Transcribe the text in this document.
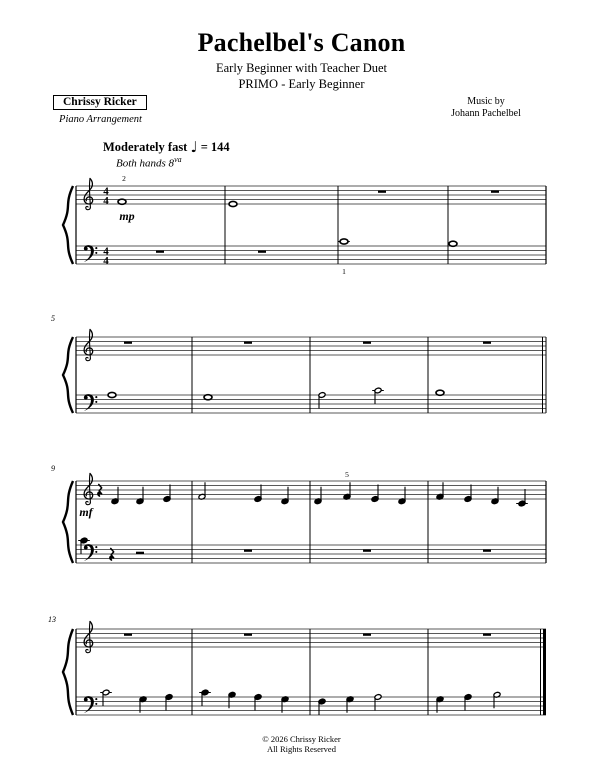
Pachelbel's Canon
Early Beginner with Teacher Duet
PRIMO - Early Beginner
Chrissy Ricker
Piano Arrangement
Music by
Johann Pachelbel
Moderately fast ♩ = 144
Both hands $8^{va}$
4
4
4
4
2
mp
1
5
9
mf
5
13
© 2026 Chrissy Ricker
All Rights Reserved
